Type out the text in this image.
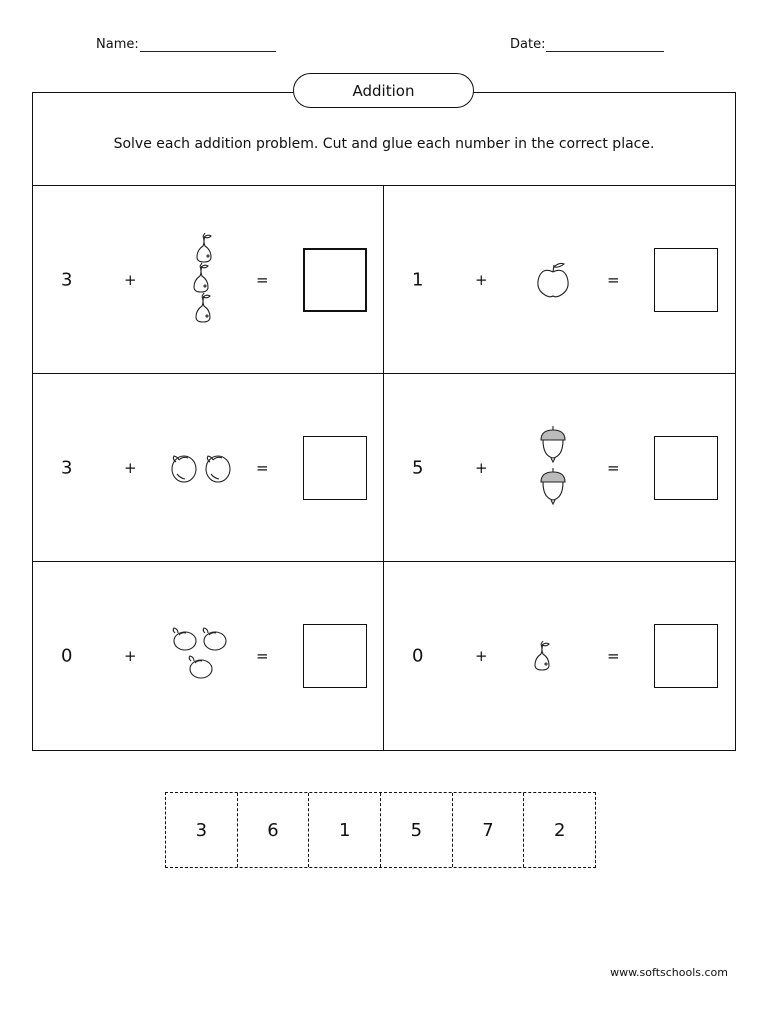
Name:	Date:
Addition
Solve each addition problem. Cut and glue each number in the correct place.
3	+	=	1	+	=
3	+	=	5	+	=
0	+	=	0	+	=
3	6	1	5	7	2
www.softschools.com
